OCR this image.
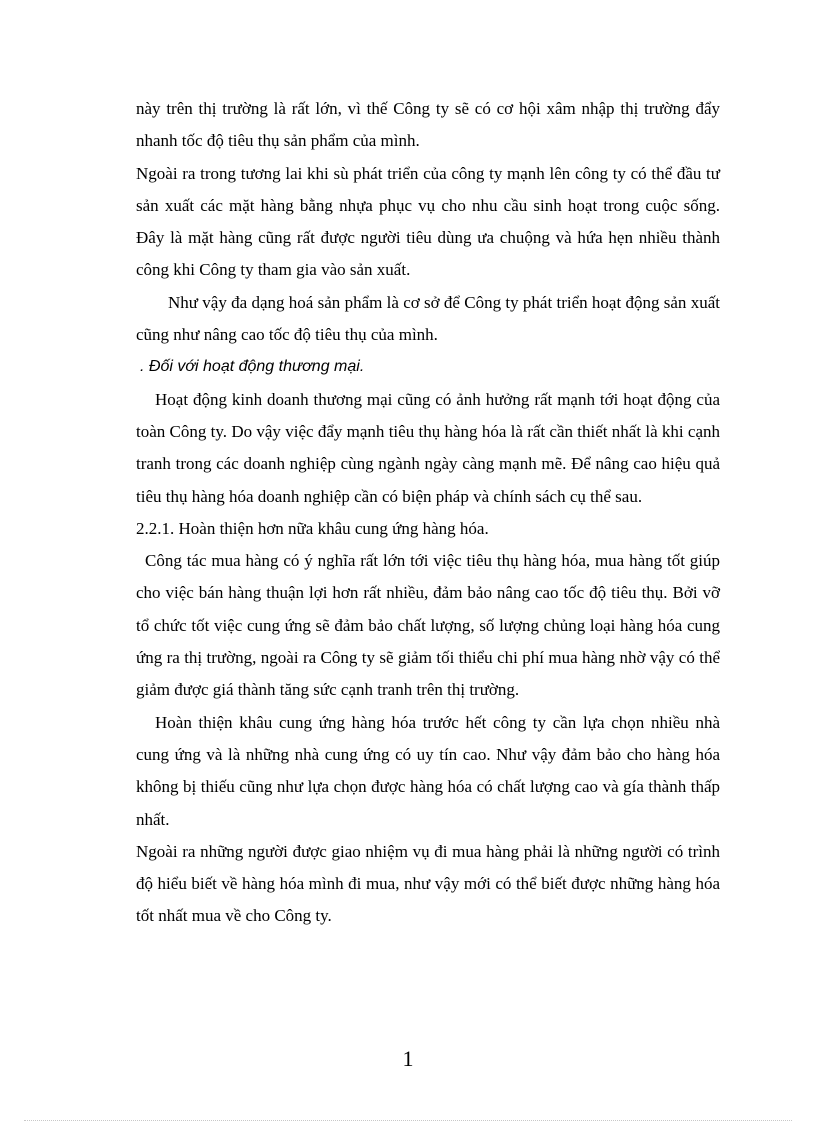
này trên thị trường là rất lớn, vì thế Công ty sẽ có cơ hội xâm nhập thị trường đẩy nhanh tốc độ tiêu thụ sản phẩm của mình.

Ngoài ra trong tương lai khi sù phát triển của công ty mạnh lên công ty có thể đầu tư sản xuất các mặt hàng bằng nhựa phục vụ cho nhu cầu sinh hoạt trong cuộc sống. Đây là mặt hàng cũng rất được người tiêu dùng ưa chuộng và hứa hẹn nhiều thành công khi Công ty tham gia vào sản xuất.

Như vậy đa dạng hoá sản phẩm là cơ sở để Công ty phát triển hoạt động sản xuất cũng như nâng cao tốc độ tiêu thụ của mình.

. Đối với hoạt động thương mại.

Hoạt động kinh doanh thương mại cũng có ảnh hưởng rất mạnh tới hoạt động của toàn Công ty. Do vậy việc đẩy mạnh tiêu thụ hàng hóa là rất cần thiết nhất là khi cạnh tranh trong các doanh nghiệp cùng ngành ngày càng mạnh mẽ. Để nâng cao hiệu quả tiêu thụ hàng hóa doanh nghiệp cần có biện pháp và chính sách cụ thể sau.

2.2.1. Hoàn thiện hơn nữa khâu cung ứng hàng hóa.

Công tác mua hàng có ý nghĩa rất lớn tới việc tiêu thụ hàng hóa, mua hàng tốt giúp cho việc bán hàng thuận lợi hơn rất nhiều, đảm bảo nâng cao tốc độ tiêu thụ. Bởi vỡ tổ chức tốt việc cung ứng sẽ đảm bảo chất lượng, số lượng chủng loại hàng hóa cung ứng ra thị trường, ngoài ra Công ty sẽ giảm tối thiểu chi phí mua hàng nhờ vậy có thể giảm được giá thành tăng sức cạnh tranh trên thị trường.

Hoàn thiện khâu cung ứng hàng hóa trước hết công ty cần lựa chọn nhiều nhà cung ứng và là những nhà cung ứng có uy tín cao. Như vậy đảm bảo cho hàng hóa không bị thiếu cũng như lựa chọn được hàng hóa có chất lượng cao và gía thành thấp nhất.

Ngoài ra những người được giao nhiệm vụ đi mua hàng phải là những người có trình độ hiểu biết về hàng hóa mình đi mua, như vậy mới có thể biết được những hàng hóa tốt nhất mua về cho Công ty.

1
